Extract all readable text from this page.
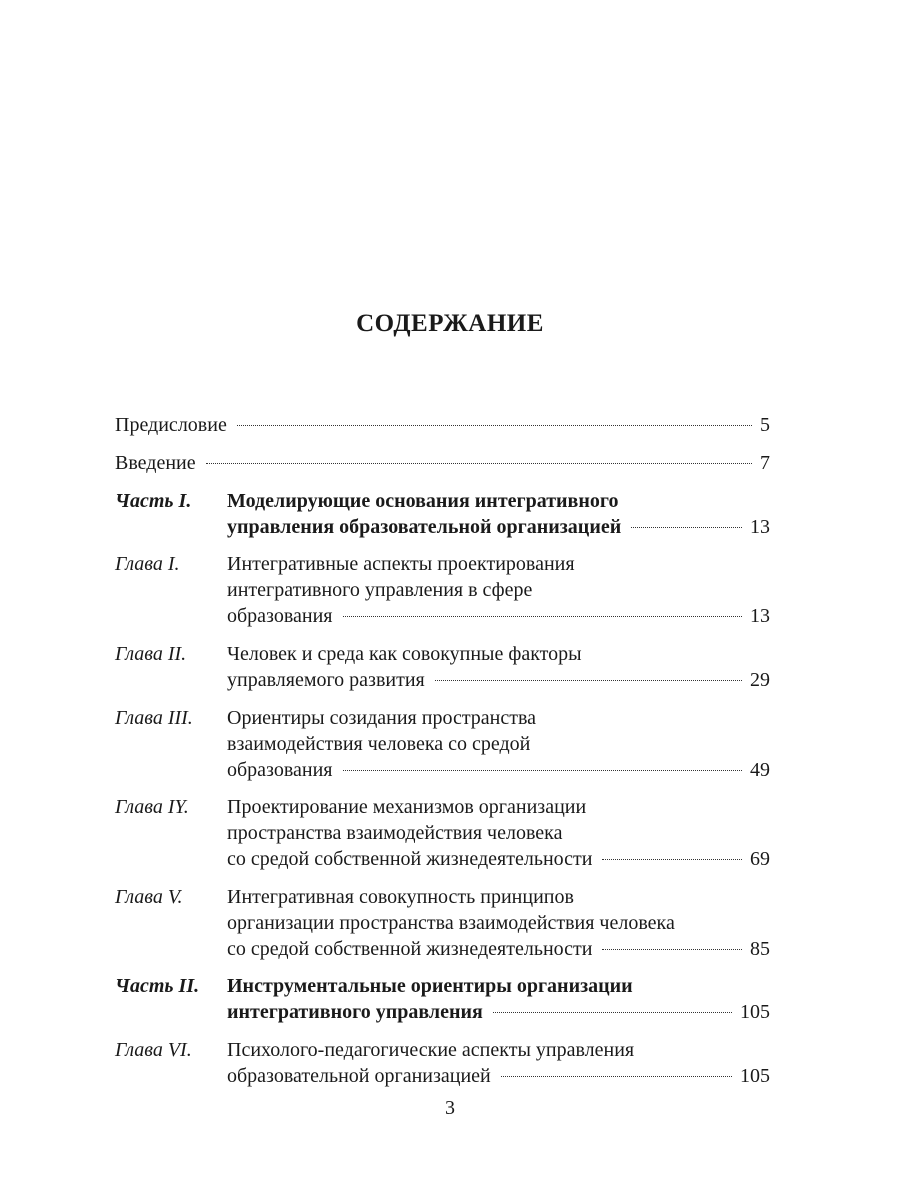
СОДЕРЖАНИЕ
Предисловие	5
Введение	7
Часть I. Моделирующие основания интегративного
управления образовательной организацией	13
Глава I. Интегративные аспекты проектирования
интегративного управления в сфере
образования	13
Глава II. Человек и среда как совокупные факторы
управляемого развития	29
Глава III. Ориентиры созидания пространства
взаимодействия человека со средой
образования	49
Глава IY. Проектирование механизмов организации
пространства взаимодействия человека
со средой собственной жизнедеятельности	69
Глава V. Интегративная совокупность принципов
организации пространства взаимодействия человека
со средой собственной жизнедеятельности	85
Часть II. Инструментальные ориентиры организации
интегративного управления	105
Глава VI. Психолого-педагогические аспекты управления
образовательной организацией	105
3
